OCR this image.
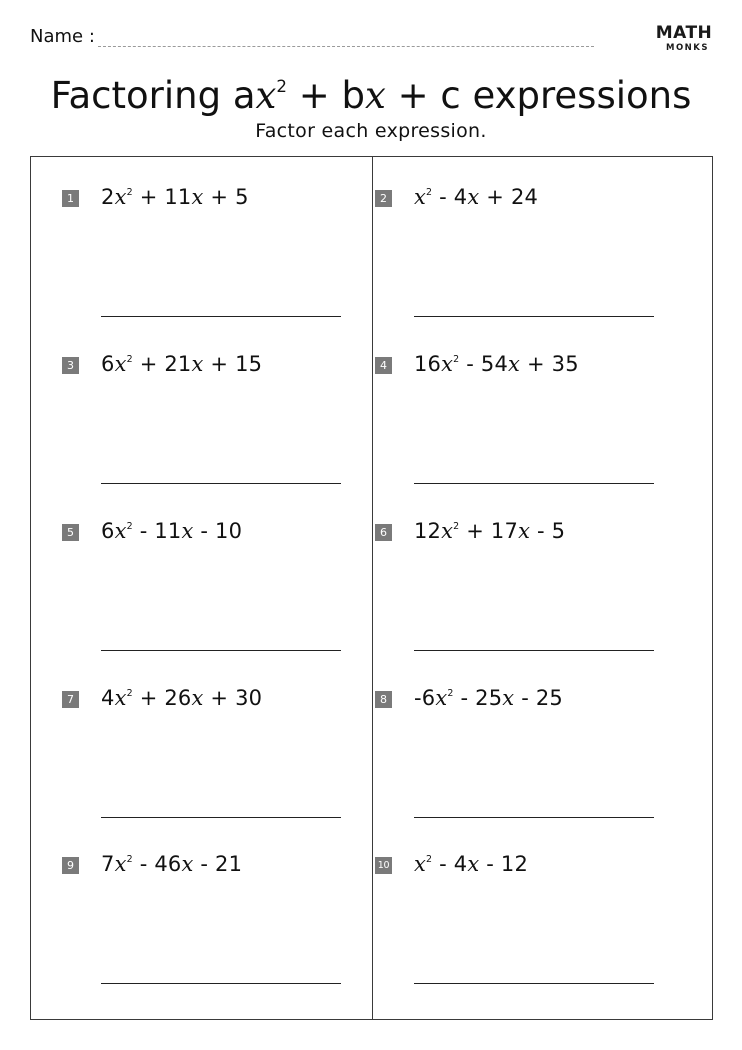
Name :	MATH
MONKS
Factoring $ax^2$ + bx + c expressions
Factor each expression.
1 $2x^2 + 11x + 5$	2 $x^2 - 4x + 24$
3 $6x^2 + 21x + 15$	4 $16x^2 - 54x + 35$
5 $6x^2 - 11x - 10$	6 $12x^2 + 17x - 5$
7 $4x^2 + 26x + 30$	8 $-6x^2 - 25x - 25$
9 $7x^2 - 46x - 21$	10 $x^2 - 4x - 12$
